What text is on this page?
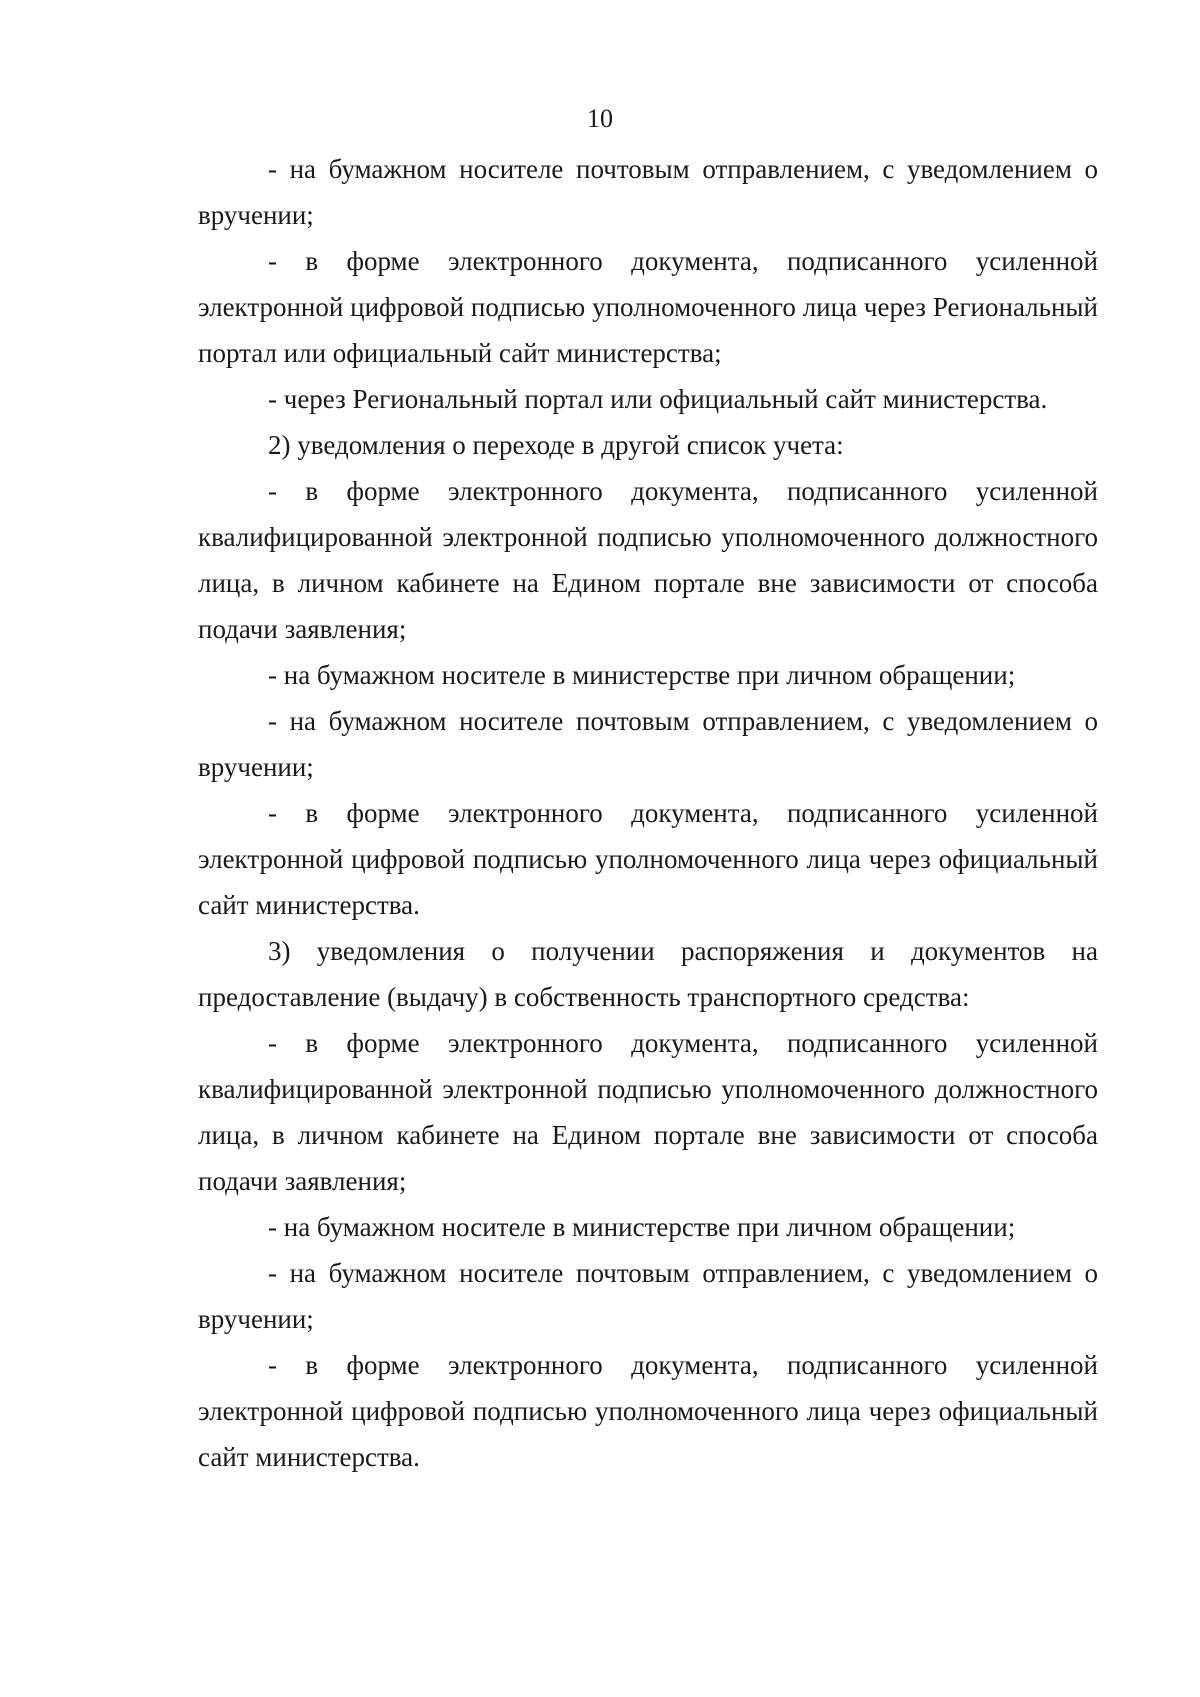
10

- на бумажном носителе почтовым отправлением, с уведомлением о вручении;

- в форме электронного документа, подписанного усиленной электронной цифровой подписью уполномоченного лица через Региональный портал или официальный сайт министерства;

- через Региональный портал или официальный сайт министерства.

2) уведомления о переходе в другой список учета:

- в форме электронного документа, подписанного усиленной квалифицированной электронной подписью уполномоченного должностного лица, в личном кабинете на Едином портале вне зависимости от способа подачи заявления;

- на бумажном носителе в министерстве при личном обращении;

- на бумажном носителе почтовым отправлением, с уведомлением о вручении;

- в форме электронного документа, подписанного усиленной электронной цифровой подписью уполномоченного лица через официальный сайт министерства.

3) уведомления о получении распоряжения и документов на предоставление (выдачу) в собственность транспортного средства:

- в форме электронного документа, подписанного усиленной квалифицированной электронной подписью уполномоченного должностного лица, в личном кабинете на Едином портале вне зависимости от способа подачи заявления;

- на бумажном носителе в министерстве при личном обращении;

- на бумажном носителе почтовым отправлением, с уведомлением о вручении;

- в форме электронного документа, подписанного усиленной электронной цифровой подписью уполномоченного лица через официальный сайт министерства.
